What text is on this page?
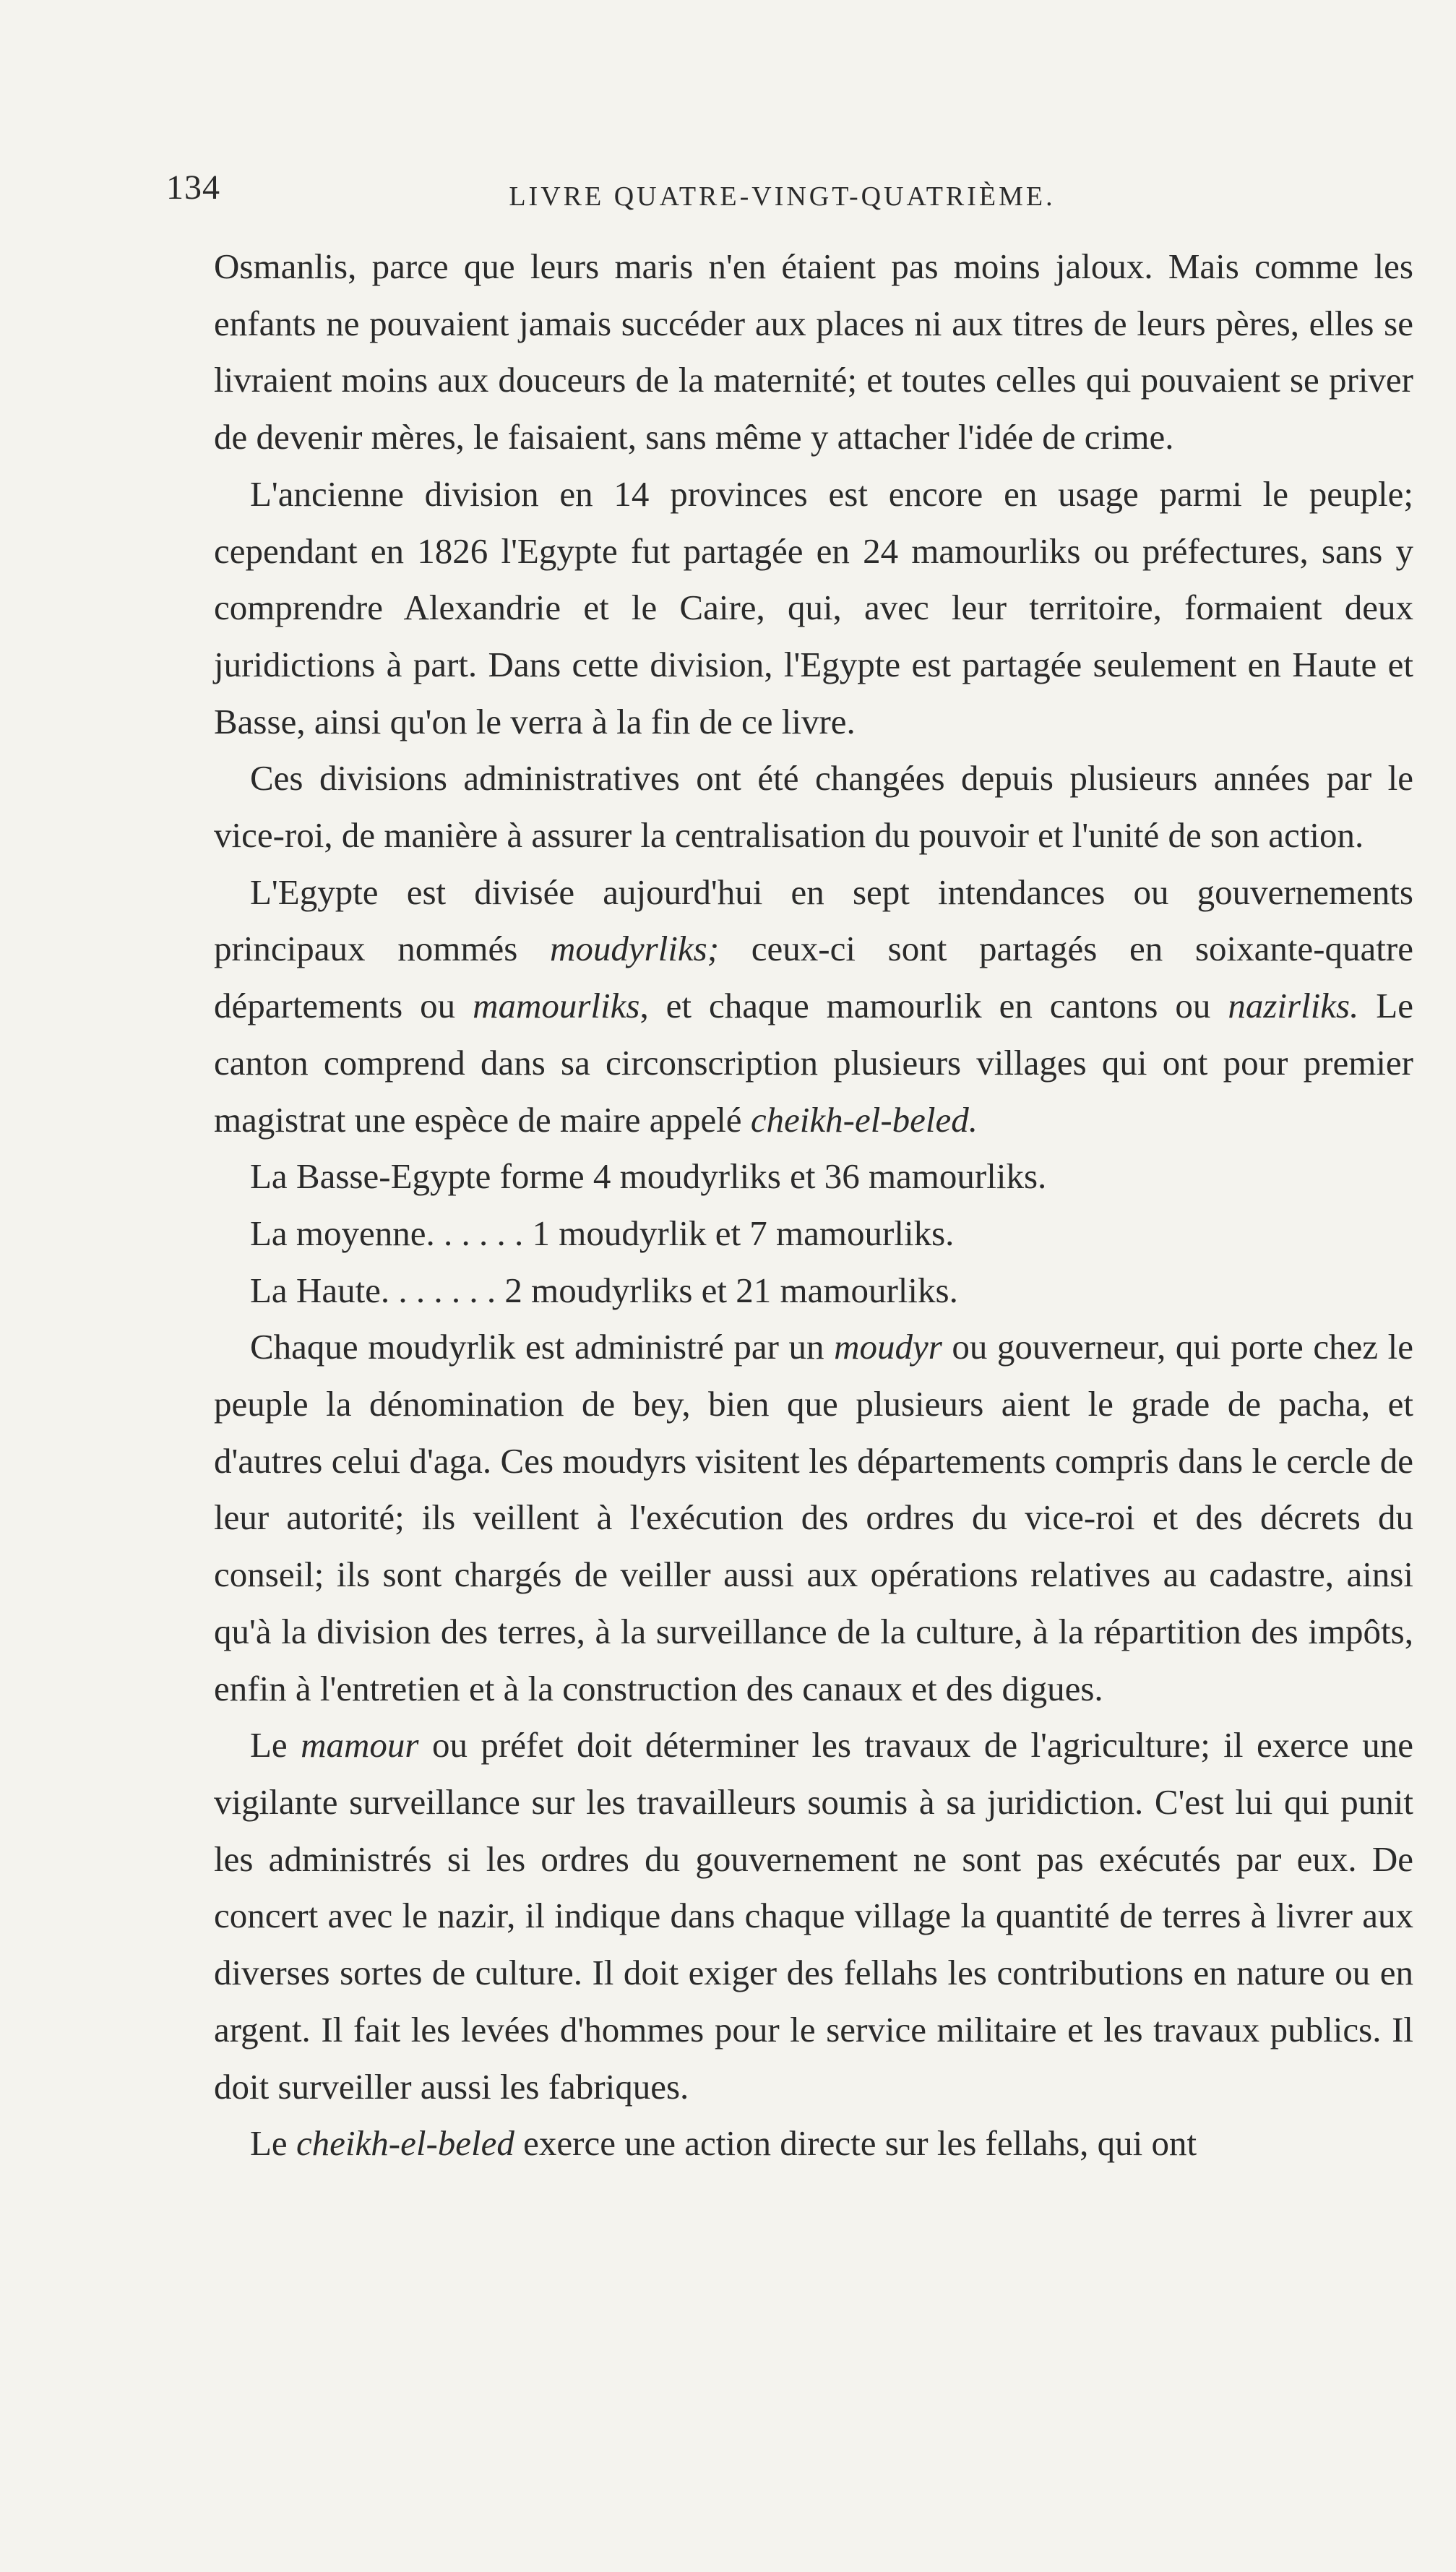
134	LIVRE QUATRE-VINGT-QUATRIÈME.

Osmanlis, parce que leurs maris n'en étaient pas moins jaloux. Mais comme les enfants ne pouvaient jamais succéder aux places ni aux titres de leurs pères, elles se livraient moins aux douceurs de la maternité; et toutes celles qui pouvaient se priver de devenir mères, le faisaient, sans même y attacher l'idée de crime.

L'ancienne division en 14 provinces est encore en usage parmi le peuple; cependant en 1826 l'Egypte fut partagée en 24 mamourliks ou préfectures, sans y comprendre Alexandrie et le Caire, qui, avec leur territoire, formaient deux juridictions à part. Dans cette division, l'Egypte est partagée seulement en Haute et Basse, ainsi qu'on le verra à la fin de ce livre.

Ces divisions administratives ont été changées depuis plusieurs années par le vice-roi, de manière à assurer la centralisation du pouvoir et l'unité de son action.

L'Egypte est divisée aujourd'hui en sept intendances ou gouvernements principaux nommés moudyrliks; ceux-ci sont partagés en soixante-quatre départements ou mamourliks, et chaque mamourlik en cantons ou nazirliks. Le canton comprend dans sa circonscription plusieurs villages qui ont pour premier magistrat une espèce de maire appelé cheikh-el-beled.

La Basse-Egypte forme 4 moudyrliks et 36 mamourliks.

La moyenne. . . . . . 1 moudyrlik et 7 mamourliks.

La Haute. . . . . . . 2 moudyrliks et 21 mamourliks.

Chaque moudyrlik est administré par un moudyr ou gouverneur, qui porte chez le peuple la dénomination de bey, bien que plusieurs aient le grade de pacha, et d'autres celui d'aga. Ces moudyrs visitent les départements compris dans le cercle de leur autorité; ils veillent à l'exécution des ordres du vice-roi et des décrets du conseil; ils sont chargés de veiller aussi aux opérations relatives au cadastre, ainsi qu'à la division des terres, à la surveillance de la culture, à la répartition des impôts, enfin à l'entretien et à la construction des canaux et des digues.

Le mamour ou préfet doit déterminer les travaux de l'agriculture; il exerce une vigilante surveillance sur les travailleurs soumis à sa juridiction. C'est lui qui punit les administrés si les ordres du gouvernement ne sont pas exécutés par eux. De concert avec le nazir, il indique dans chaque village la quantité de terres à livrer aux diverses sortes de culture. Il doit exiger des fellahs les contributions en nature ou en argent. Il fait les levées d'hommes pour le service militaire et les travaux publics. Il doit surveiller aussi les fabriques.

Le cheikh-el-beled exerce une action directe sur les fellahs, qui ont
